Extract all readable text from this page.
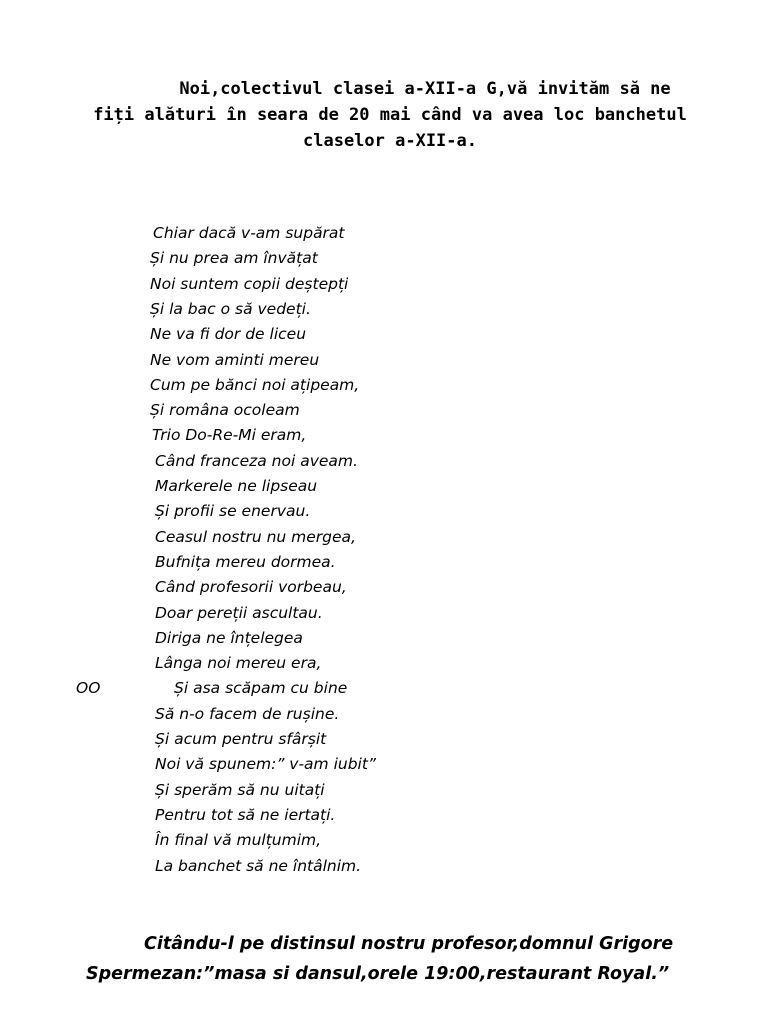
Noi,colectivul clasei a-XII-a G,vă invităm să ne
fiți alături în seara de 20 mai când va avea loc banchetul
claselor a-XII-a.
Chiar dacă v-am supărat
Și nu prea am învățat
Noi suntem copii deștepți
Și la bac o să vedeți.
Ne va fi dor de liceu
Ne vom aminti mereu
Cum pe bănci noi ațipeam,
Și româna ocoleam
Trio Do-Re-Mi eram,
Când franceza noi aveam.
Markerele ne lipseau
Și profii se enervau.
Ceasul nostru nu mergea,
Bufnița mereu dormea.
Când profesorii vorbeau,
Doar pereții ascultau.
Diriga ne înțelegea
Lânga noi mereu era,
Și asa scăpam cu bine
Să n-o facem de rușine.
Și acum pentru sfârșit
Noi vă spunem:” v-am iubit”
Și sperăm să nu uitați
Pentru tot să ne iertați.
În final vă mulțumim,
La banchet să ne întâlnim.
OO
Citându-l pe distinsul nostru profesor,domnul Grigore
Spermezan:”masa si dansul,orele 19:00,restaurant Royal.”
